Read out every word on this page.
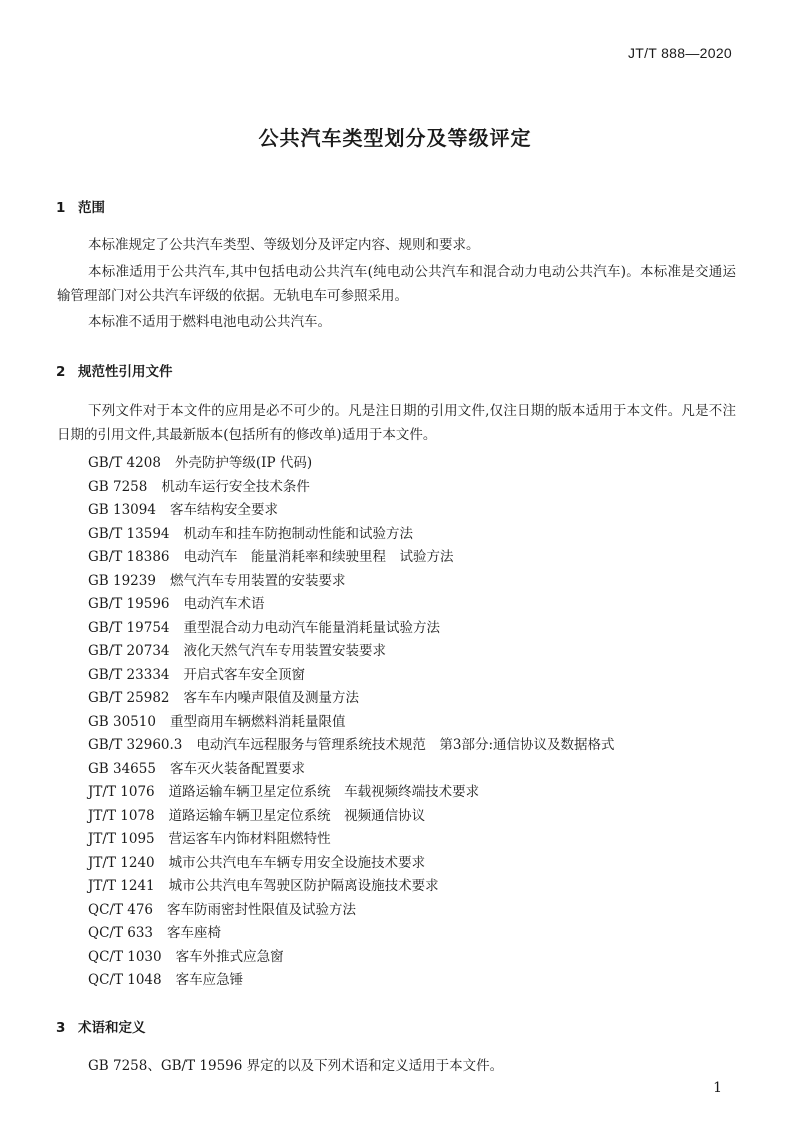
JT/T 888—2020
公共汽车类型划分及等级评定
1 范围

本标准规定了公共汽车类型、等级划分及评定内容、规则和要求。

本标准适用于公共汽车,其中包括电动公共汽车(纯电动公共汽车和混合动力电动公共汽车)。本标准是交通运输管理部门对公共汽车评级的依据。无轨电车可参照采用。

本标准不适用于燃料电池电动公共汽车。

2 规范性引用文件

下列文件对于本文件的应用是必不可少的。凡是注日期的引用文件,仅注日期的版本适用于本文件。凡是不注日期的引用文件,其最新版本(包括所有的修改单)适用于本文件。

GB/T 4208 外壳防护等级(IP 代码)
GB 7258 机动车运行安全技术条件
GB 13094 客车结构安全要求
GB/T 13594 机动车和挂车防抱制动性能和试验方法
GB/T 18386 电动汽车　能量消耗率和续驶里程　试验方法
GB 19239 燃气汽车专用装置的安装要求
GB/T 19596 电动汽车术语
GB/T 19754 重型混合动力电动汽车能量消耗量试验方法
GB/T 20734 液化天然气汽车专用装置安装要求
GB/T 23334 开启式客车安全顶窗
GB/T 25982 客车车内噪声限值及测量方法
GB 30510 重型商用车辆燃料消耗量限值
GB/T 32960.3 电动汽车远程服务与管理系统技术规范　第3部分:通信协议及数据格式
GB 34655 客车灭火装备配置要求
JT/T 1076 道路运输车辆卫星定位系统　车载视频终端技术要求
JT/T 1078 道路运输车辆卫星定位系统　视频通信协议
JT/T 1095 营运客车内饰材料阻燃特性
JT/T 1240 城市公共汽电车车辆专用安全设施技术要求
JT/T 1241 城市公共汽电车驾驶区防护隔离设施技术要求
QC/T 476 客车防雨密封性限值及试验方法
QC/T 633 客车座椅
QC/T 1030 客车外推式应急窗
QC/T 1048 客车应急锤
3 术语和定义

GB 7258、GB/T 19596 界定的以及下列术语和定义适用于本文件。

1
